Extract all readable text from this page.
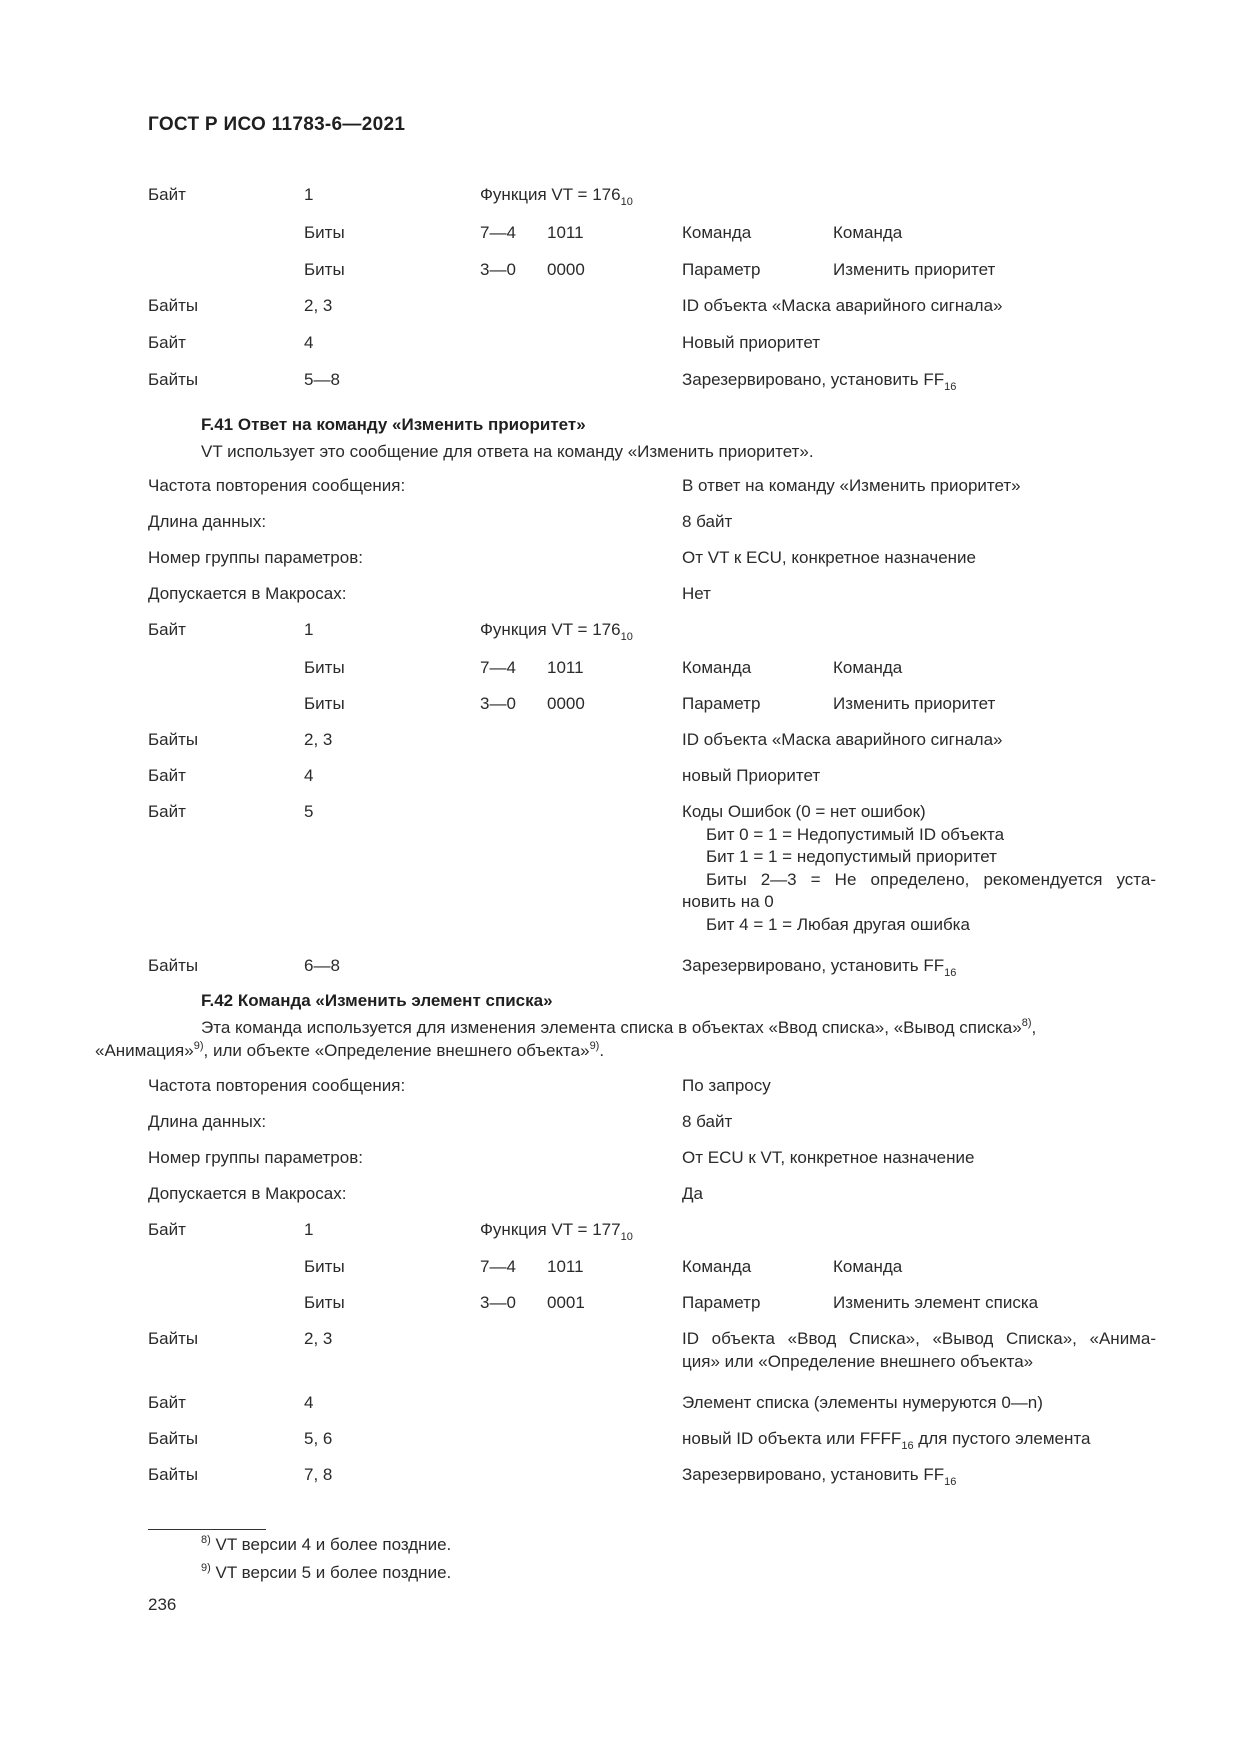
ГОСТ Р ИСО 11783-6—2021
Байт	1	Функция VT = $176_{10}$
Биты	7—4 1011	Команда	Команда
Биты	3—0 0000	Параметр	Изменить приоритет
Байты	2, 3	ID объекта «Маска аварийного сигнала»
Байт	4	Новый приоритет
Байты	5—8	Зарезервировано, установить $FF_{16}$
F.41 Ответ на команду «Изменить приоритет»
VT использует это сообщение для ответа на команду «Изменить приоритет».
Частота повторения сообщения:	В ответ на команду «Изменить приоритет»
Длина данных:	8 байт
Номер группы параметров:	От VT к ECU, конкретное назначение
Допускается в Макросах:	Нет
Байт	1	Функция VT = $176_{10}$
Биты	7—4 1011	Команда	Команда
Биты	3—0 0000	Параметр	Изменить приоритет
Байты	2, 3	ID объекта «Маска аварийного сигнала»
Байт	4	новый Приоритет
Байт	5	Коды Ошибок (0 = нет ошибок)
Бит 0 = 1 = Недопустимый ID объекта
Бит 1 = 1 = недопустимый приоритет
Биты 2—3 = Не определено, рекомендуется уста-
новить на 0
Бит 4 = 1 = Любая другая ошибка
Байты	6—8	Зарезервировано, установить $FF_{16}$
F.42 Команда «Изменить элемент списка»
Эта команда используется для изменения элемента списка в объектах «Ввод списка», «Вывод списка»$^{8)}$,
«Анимация»$^{9)}$, или объекте «Определение внешнего объекта»$^{9)}$.
Частота повторения сообщения:	По запросу
Длина данных:	8 байт
Номер группы параметров:	От ECU к VT, конкретное назначение
Допускается в Макросах:	Да
Байт	1	Функция VT = $177_{10}$
Биты	7—4 1011	Команда	Команда
Биты	3—0 0001	Параметр	Изменить элемент списка
Байты	2, 3	ID объекта «Ввод Списка», «Вывод Списка», «Анима-
ция» или «Определение внешнего объекта»
Байт	4	Элемент списка (элементы нумеруются 0—n)
Байты	5, 6	новый ID объекта или $FFFF_{16}$ для пустого элемента
Байты	7, 8	Зарезервировано, установить $FF_{16}$
$^{8)}$ VT версии 4 и более поздние.
$^{9)}$ VT версии 5 и более поздние.
236
